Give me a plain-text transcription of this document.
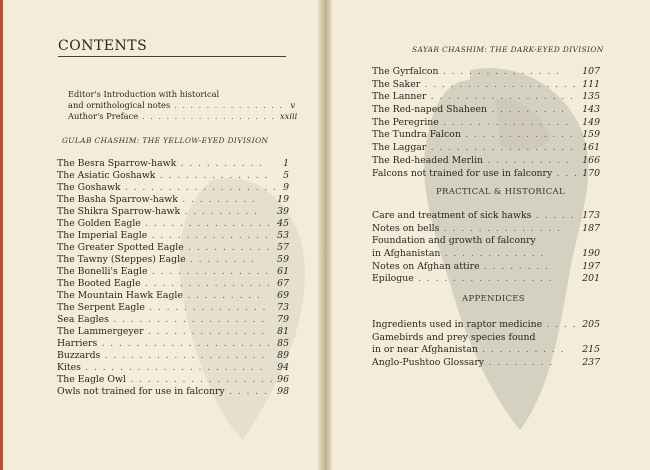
CONTENTS
Editor's Introduction with historical
and ornithological notes . . . . . . . . . . . . . . v
Author's Preface . . . . . . . . . . . . . . . . . xxiii
GULAB CHASHIM: THE YELLOW-EYED DIVISION
The Besra Sparrow-hawk . . . . . . . . . . 1
The Asiatic Goshawk . . . . . . . . . . . . . 5
The Goshawk . . . . . . . . . . . . . . . . . . 9
The Basha Sparrow-hawk . . . . . . . . . 19
The Shikra Sparrow-hawk . . . . . . . . . 39
The Golden Eagle . . . . . . . . . . . . . . . 45
The Imperial Eagle . . . . . . . . . . . . . . 53
The Greater Spotted Eagle . . . . . . . . . . 57
The Tawny (Steppes) Eagle . . . . . . . . 59
The Bonelli's Eagle . . . . . . . . . . . . . . 61
The Booted Eagle . . . . . . . . . . . . . . . 67
The Mountain Hawk Eagle . . . . . . . . . 69
The Serpent Eagle . . . . . . . . . . . . . . 73
Sea Eagles . . . . . . . . . . . . . . . . . . 79
The Lammergeyer . . . . . . . . . . . . . . 81
Harriers . . . . . . . . . . . . . . . . . . . . 85
Buzzards . . . . . . . . . . . . . . . . . . . 89
Kites . . . . . . . . . . . . . . . . . . . . . 94
The Eagle Owl . . . . . . . . . . . . . . . . . 96
Owls not trained for use in falconry . . . . . 98
SAYAR CHASHIM: THE DARK-EYED DIVISION
The Gyrfalcon . . . . . . . . . . . . . . 107
The Saker . . . . . . . . . . . . . . . . . . 111
The Lanner . . . . . . . . . . . . . . . . . 135
The Red-naped Shaheen . . . . . . . . . 143
The Peregrine . . . . . . . . . . . . . . . 149
The Tundra Falcon . . . . . . . . . . . . . 159
The Laggar . . . . . . . . . . . . . . . . . 161
The Red-headed Merlin . . . . . . . . . . 166
Falcons not trained for use in falconry . . . 170
PRACTICAL & HISTORICAL
Care and treatment of sick hawks . . . . . 173
Notes on bells . . . . . . . . . . . . . . 187
Foundation and growth of falconry
in Afghanistan . . . . . . . . . . . .	190
Notes on Afghan attire . . . . . . . .	197
Epilogue . . . . . . . . . . . . . . . .	201
APPENDICES
Ingredients used in raptor medicine . . . . 205
Gamebirds and prey species found
in or near Afghanistan . . . . . . . . . . 215
Anglo-Pushtoo Glossary . . . . . . . .	237
